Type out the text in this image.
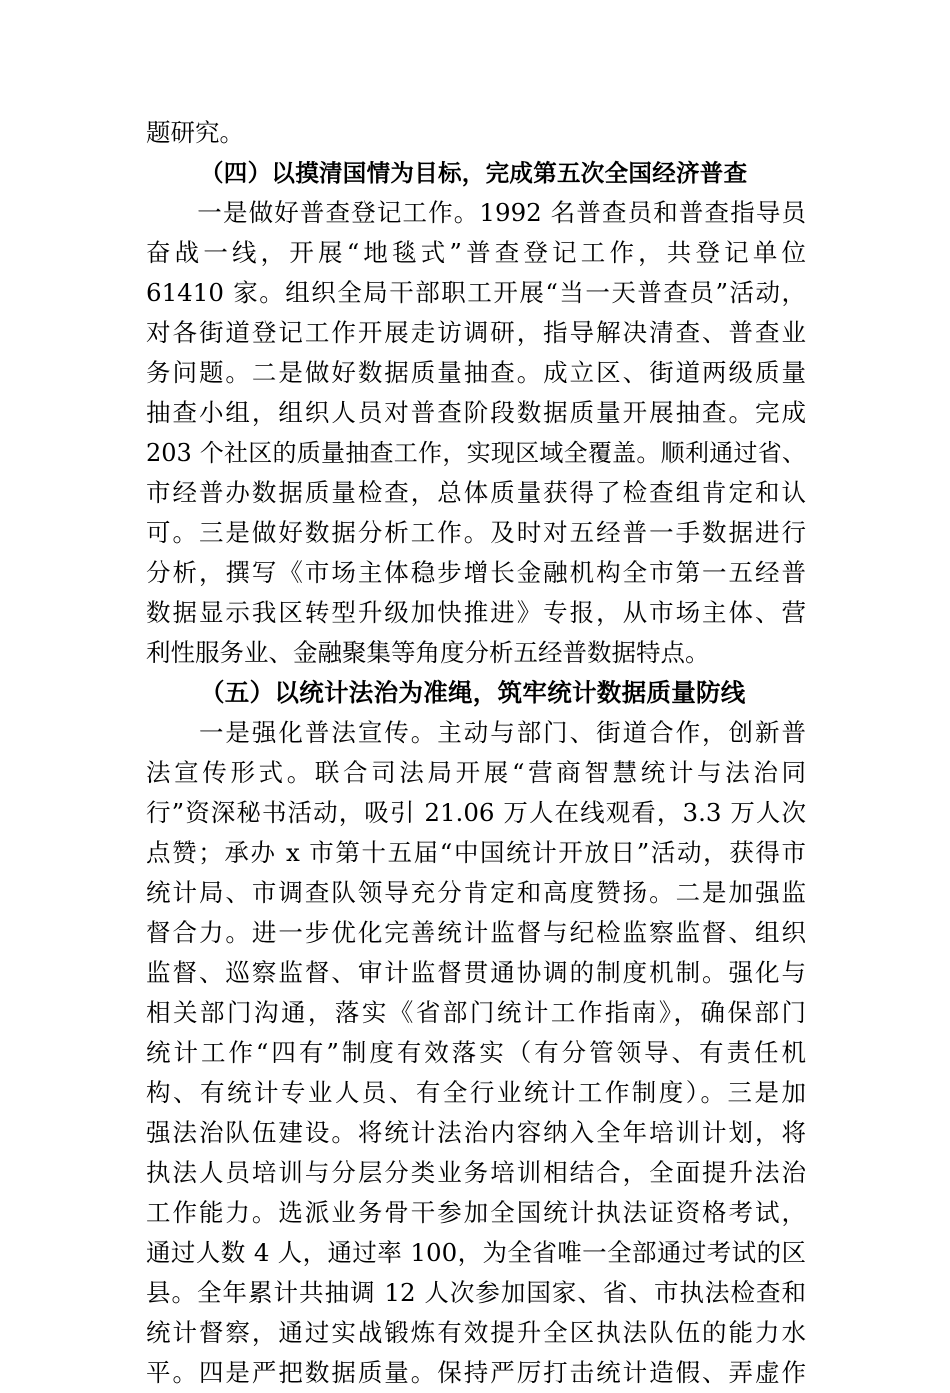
题研究。
（四）以摸清国情为目标，完成第五次全国经济普查
　　一是做好普查登记工作。1992 名普查员和普查指导员
奋战一线，开展“地毯式”普查登记工作，共登记单位
61410 家。组织全局干部职工开展“当一天普查员”活动，
对各街道登记工作开展走访调研，指导解决清查、普查业
务问题。二是做好数据质量抽查。成立区、街道两级质量
抽查小组，组织人员对普查阶段数据质量开展抽查。完成
203 个社区的质量抽查工作，实现区域全覆盖。顺利通过省、
市经普办数据质量检查，总体质量获得了检查组肯定和认
可。三是做好数据分析工作。及时对五经普一手数据进行
分析，撰写《市场主体稳步增长金融机构全市第一五经普
数据显示我区转型升级加快推进》专报，从市场主体、营
利性服务业、金融聚集等角度分析五经普数据特点。
（五）以统计法治为准绳，筑牢统计数据质量防线
　　一是强化普法宣传。主动与部门、街道合作，创新普
法宣传形式。联合司法局开展“营商智慧统计与法治同
行”资深秘书活动，吸引 21.06 万人在线观看，3.3 万人次
点赞；承办 x 市第十五届“中国统计开放日”活动，获得市
统计局、市调查队领导充分肯定和高度赞扬。二是加强监
督合力。进一步优化完善统计监督与纪检监察监督、组织
监督、巡察监督、审计监督贯通协调的制度机制。强化与
相关部门沟通，落实《省部门统计工作指南》，确保部门
统计工作“四有”制度有效落实（有分管领导、有责任机
构、有统计专业人员、有全行业统计工作制度）。三是加
强法治队伍建设。将统计法治内容纳入全年培训计划，将
执法人员培训与分层分类业务培训相结合，全面提升法治
工作能力。选派业务骨干参加全国统计执法证资格考试，
通过人数 4 人，通过率 100，为全省唯一全部通过考试的区
县。全年累计共抽调 12 人次参加国家、省、市执法检查和
统计督察，通过实战锻炼有效提升全区执法队伍的能力水
平。四是严把数据质量。保持严厉打击统计造假、弄虚作
